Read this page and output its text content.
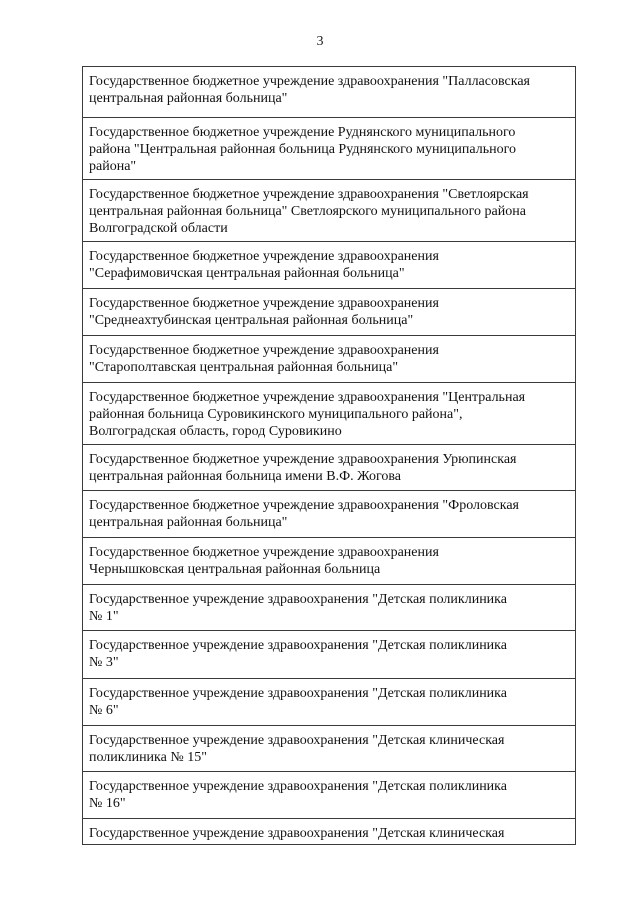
3
Государственное бюджетное учреждение здравоохранения "Палласовская
центральная районная больница"
Государственное бюджетное учреждение Руднянского муниципального
района "Центральная районная больница Руднянского муниципального
района"
Государственное бюджетное учреждение здравоохранения "Светлоярская
центральная районная больница" Светлоярского муниципального района
Волгоградской области
Государственное бюджетное учреждение здравоохранения
"Серафимовичская центральная районная больница"
Государственное бюджетное учреждение здравоохранения
"Среднеахтубинская центральная районная больница"
Государственное бюджетное учреждение здравоохранения
"Старополтавская центральная районная больница"
Государственное бюджетное учреждение здравоохранения "Центральная
районная больница Суровикинского муниципального района",
Волгоградская область, город Суровикино
Государственное бюджетное учреждение здравоохранения Урюпинская
центральная районная больница имени В.Ф. Жогова
Государственное бюджетное учреждение здравоохранения "Фроловская
центральная районная больница"
Государственное бюджетное учреждение здравоохранения
Чернышковская центральная районная больница
Государственное учреждение здравоохранения "Детская поликлиника
№ 1"
Государственное учреждение здравоохранения "Детская поликлиника
№ 3"
Государственное учреждение здравоохранения "Детская поликлиника
№ 6"
Государственное учреждение здравоохранения "Детская клиническая
поликлиника № 15"
Государственное учреждение здравоохранения "Детская поликлиника
№ 16"
Государственное учреждение здравоохранения "Детская клиническая
